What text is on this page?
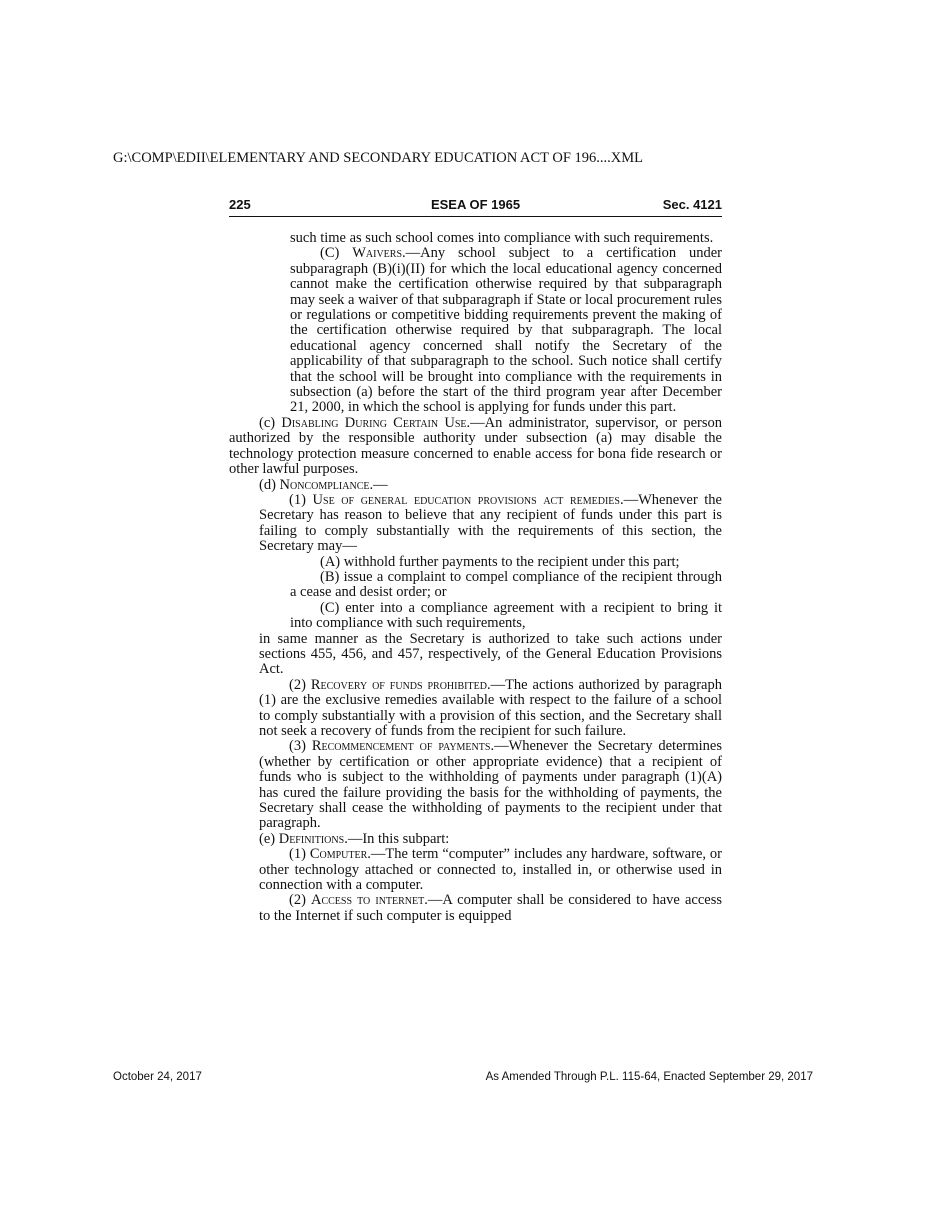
G:\COMP\EDII\ELEMENTARY AND SECONDARY EDUCATION ACT OF 196....XML
225	ESEA OF 1965	Sec. 4121

such time as such school comes into compliance with such requirements.

(C) Waivers.—Any school subject to a certification under subparagraph (B)(i)(II) for which the local educational agency concerned cannot make the certification otherwise required by that subparagraph may seek a waiver of that subparagraph if State or local procurement rules or regulations or competitive bidding requirements prevent the making of the certification otherwise required by that subparagraph. The local educational agency concerned shall notify the Secretary of the applicability of that subparagraph to the school. Such notice shall certify that the school will be brought into compliance with the requirements in subsection (a) before the start of the third program year after December 21, 2000, in which the school is applying for funds under this part.

(c) Disabling During Certain Use.—An administrator, supervisor, or person authorized by the responsible authority under subsection (a) may disable the technology protection measure concerned to enable access for bona fide research or other lawful purposes.

(d) Noncompliance.—

(1) Use of general education provisions act remedies.—Whenever the Secretary has reason to believe that any recipient of funds under this part is failing to comply substantially with the requirements of this section, the Secretary may—

(A) withhold further payments to the recipient under this part;

(B) issue a complaint to compel compliance of the recipient through a cease and desist order; or

(C) enter into a compliance agreement with a recipient to bring it into compliance with such requirements,

in same manner as the Secretary is authorized to take such actions under sections 455, 456, and 457, respectively, of the General Education Provisions Act.

(2) Recovery of funds prohibited.—The actions authorized by paragraph (1) are the exclusive remedies available with respect to the failure of a school to comply substantially with a provision of this section, and the Secretary shall not seek a recovery of funds from the recipient for such failure.

(3) Recommencement of payments.—Whenever the Secretary determines (whether by certification or other appropriate evidence) that a recipient of funds who is subject to the withholding of payments under paragraph (1)(A) has cured the failure providing the basis for the withholding of payments, the Secretary shall cease the withholding of payments to the recipient under that paragraph.

(e) Definitions.—In this subpart:

(1) Computer.—The term “computer” includes any hardware, software, or other technology attached or connected to, installed in, or otherwise used in connection with a computer.

(2) Access to internet.—A computer shall be considered to have access to the Internet if such computer is equipped

October 24, 2017	As Amended Through P.L. 115-64, Enacted September 29, 2017
